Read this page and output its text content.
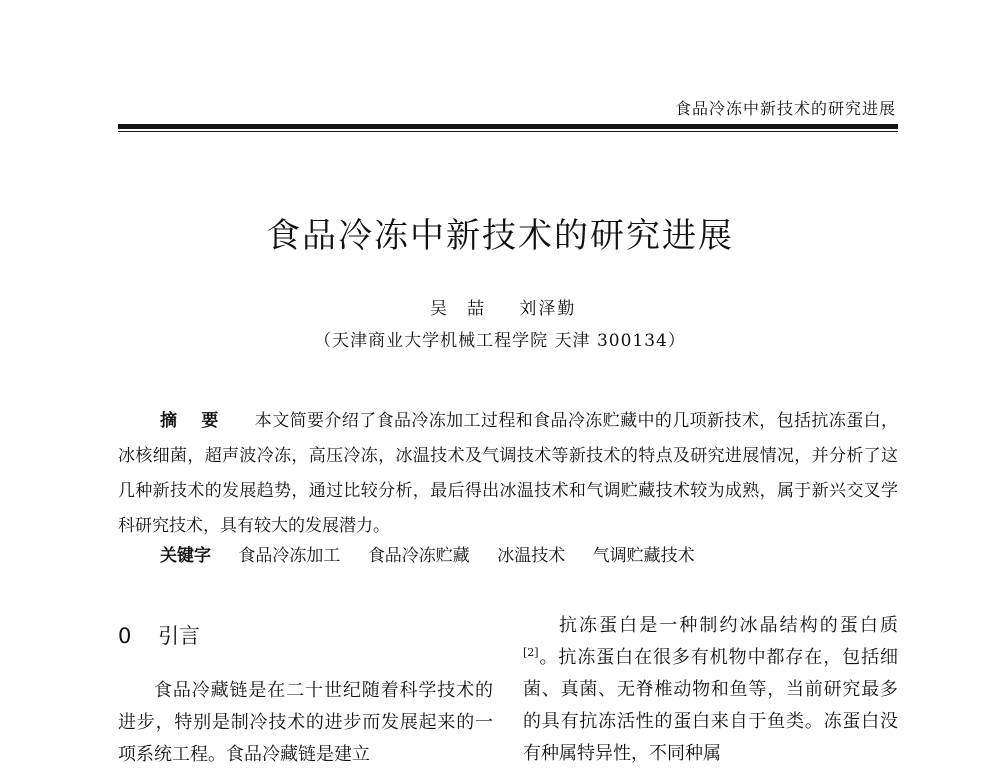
食品冷冻中新技术的研究进展
食品冷冻中新技术的研究进展
吴喆 刘泽勤
（天津商业大学机械工程学院 天津 300134）
摘要 本文简要介绍了食品冷冻加工过程和食品冷冻贮藏中的几项新技术，包括抗冻蛋白，冰核细菌，超声波冷冻，高压冷冻，冰温技术及气调技术等新技术的特点及研究进展情况，并分析了这几种新技术的发展趋势，通过比较分析，最后得出冰温技术和气调贮藏技术较为成熟，属于新兴交叉学科研究技术，具有较大的发展潜力。
关键字 食品冷冻加工 食品冷冻贮藏 冰温技术 气调贮藏技术
0 引言
食品冷藏链是在二十世纪随着科学技术的进步，特别是制冷技术的进步而发展起来的一项系统工程。食品冷藏链是建立
抗冻蛋白是一种制约冰晶结构的蛋白质[2]。抗冻蛋白在很多有机物中都存在，包括细菌、真菌、无脊椎动物和鱼等，当前研究最多的具有抗冻活性的蛋白来自于鱼类。冻蛋白没有种属特异性，不同种属
